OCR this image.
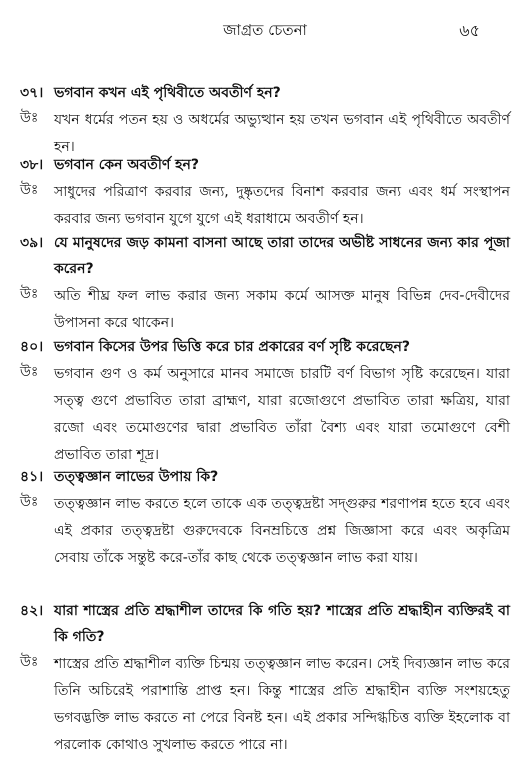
জাগ্রত চেতনা	৬৫
৩৭। ভগবান কখন এই পৃথিবীতে অবতীর্ণ হন?
উঃ	যখন ধর্মের পতন হয় ও অধর্মের অভ্যুত্থান হয় তখন ভগবান এই পৃথিবীতে অবতীর্ণ হন।
৩৮। ভগবান কেন অবতীর্ণ হন?
উঃ	সাধুদের পরিত্রাণ করবার জন্য, দুষ্কৃতদের বিনাশ করবার জন্য এবং ধর্ম সংস্থাপন করবার জন্য ভগবান যুগে যুগে এই ধরাধামে অবতীর্ণ হন।
৩৯। যে মানুষদের জড় কামনা বাসনা আছে তারা তাদের অভীষ্ট সাধনের জন্য কার পূজা করেন?
উঃ	অতি শীঘ্র ফল লাভ করার জন্য সকাম কর্মে আসক্ত মানুষ বিভিন্ন দেব-দেবীদের উপাসনা করে থাকেন।
৪০। ভগবান কিসের উপর ভিত্তি করে চার প্রকারের বর্ণ সৃষ্টি করেছেন?
উঃ	ভগবান গুণ ও কর্ম অনুসারে মানব সমাজে চারটি বর্ণ বিভাগ সৃষ্টি করেছেন। যারা সত্ত্ব গুণে প্রভাবিত তারা ব্রাহ্মণ, যারা রজোগুণে প্রভাবিত তারা ক্ষত্রিয়, যারা রজো এবং তমোগুণের দ্বারা প্রভাবিত তাঁরা বৈশ্য এবং যারা তমোগুণে বেশী প্রভাবিত তারা শূদ্র।
৪১। তত্ত্বজ্ঞান লাভের উপায় কি?
উঃ	তত্ত্বজ্ঞান লাভ করতে হলে তাকে এক তত্ত্বদ্রষ্টা সদ্গুরুর শরণাপন্ন হতে হবে এবং এই প্রকার তত্ত্বদ্রষ্টা গুরুদেবকে বিনম্রচিত্তে প্রশ্ন জিজ্ঞাসা করে এবং অকৃত্রিম সেবায় তাঁকে সন্তুষ্ট করে-তাঁর কাছ থেকে তত্ত্বজ্ঞান লাভ করা যায়।
৪২। যারা শাস্ত্রের প্রতি শ্রদ্ধাশীল তাদের কি গতি হয়? শাস্ত্রের প্রতি শ্রদ্ধাহীন ব্যক্তিরই বা কি গতি?
উঃ	শাস্ত্রের প্রতি শ্রদ্ধাশীল ব্যক্তি চিন্ময় তত্ত্বজ্ঞান লাভ করেন। সেই দিব্যজ্ঞান লাভ করে তিনি অচিরেই পরাশান্তি প্রাপ্ত হন। কিন্তু শাস্ত্রের প্রতি শ্রদ্ধাহীন ব্যক্তি সংশয়হেতু ভগবদ্ভক্তি লাভ করতে না পেরে বিনষ্ট হন। এই প্রকার সন্দিগ্ধচিত্ত ব্যক্তি ইহলোক বা পরলোক কোথাও সুখলাভ করতে পারে না।
